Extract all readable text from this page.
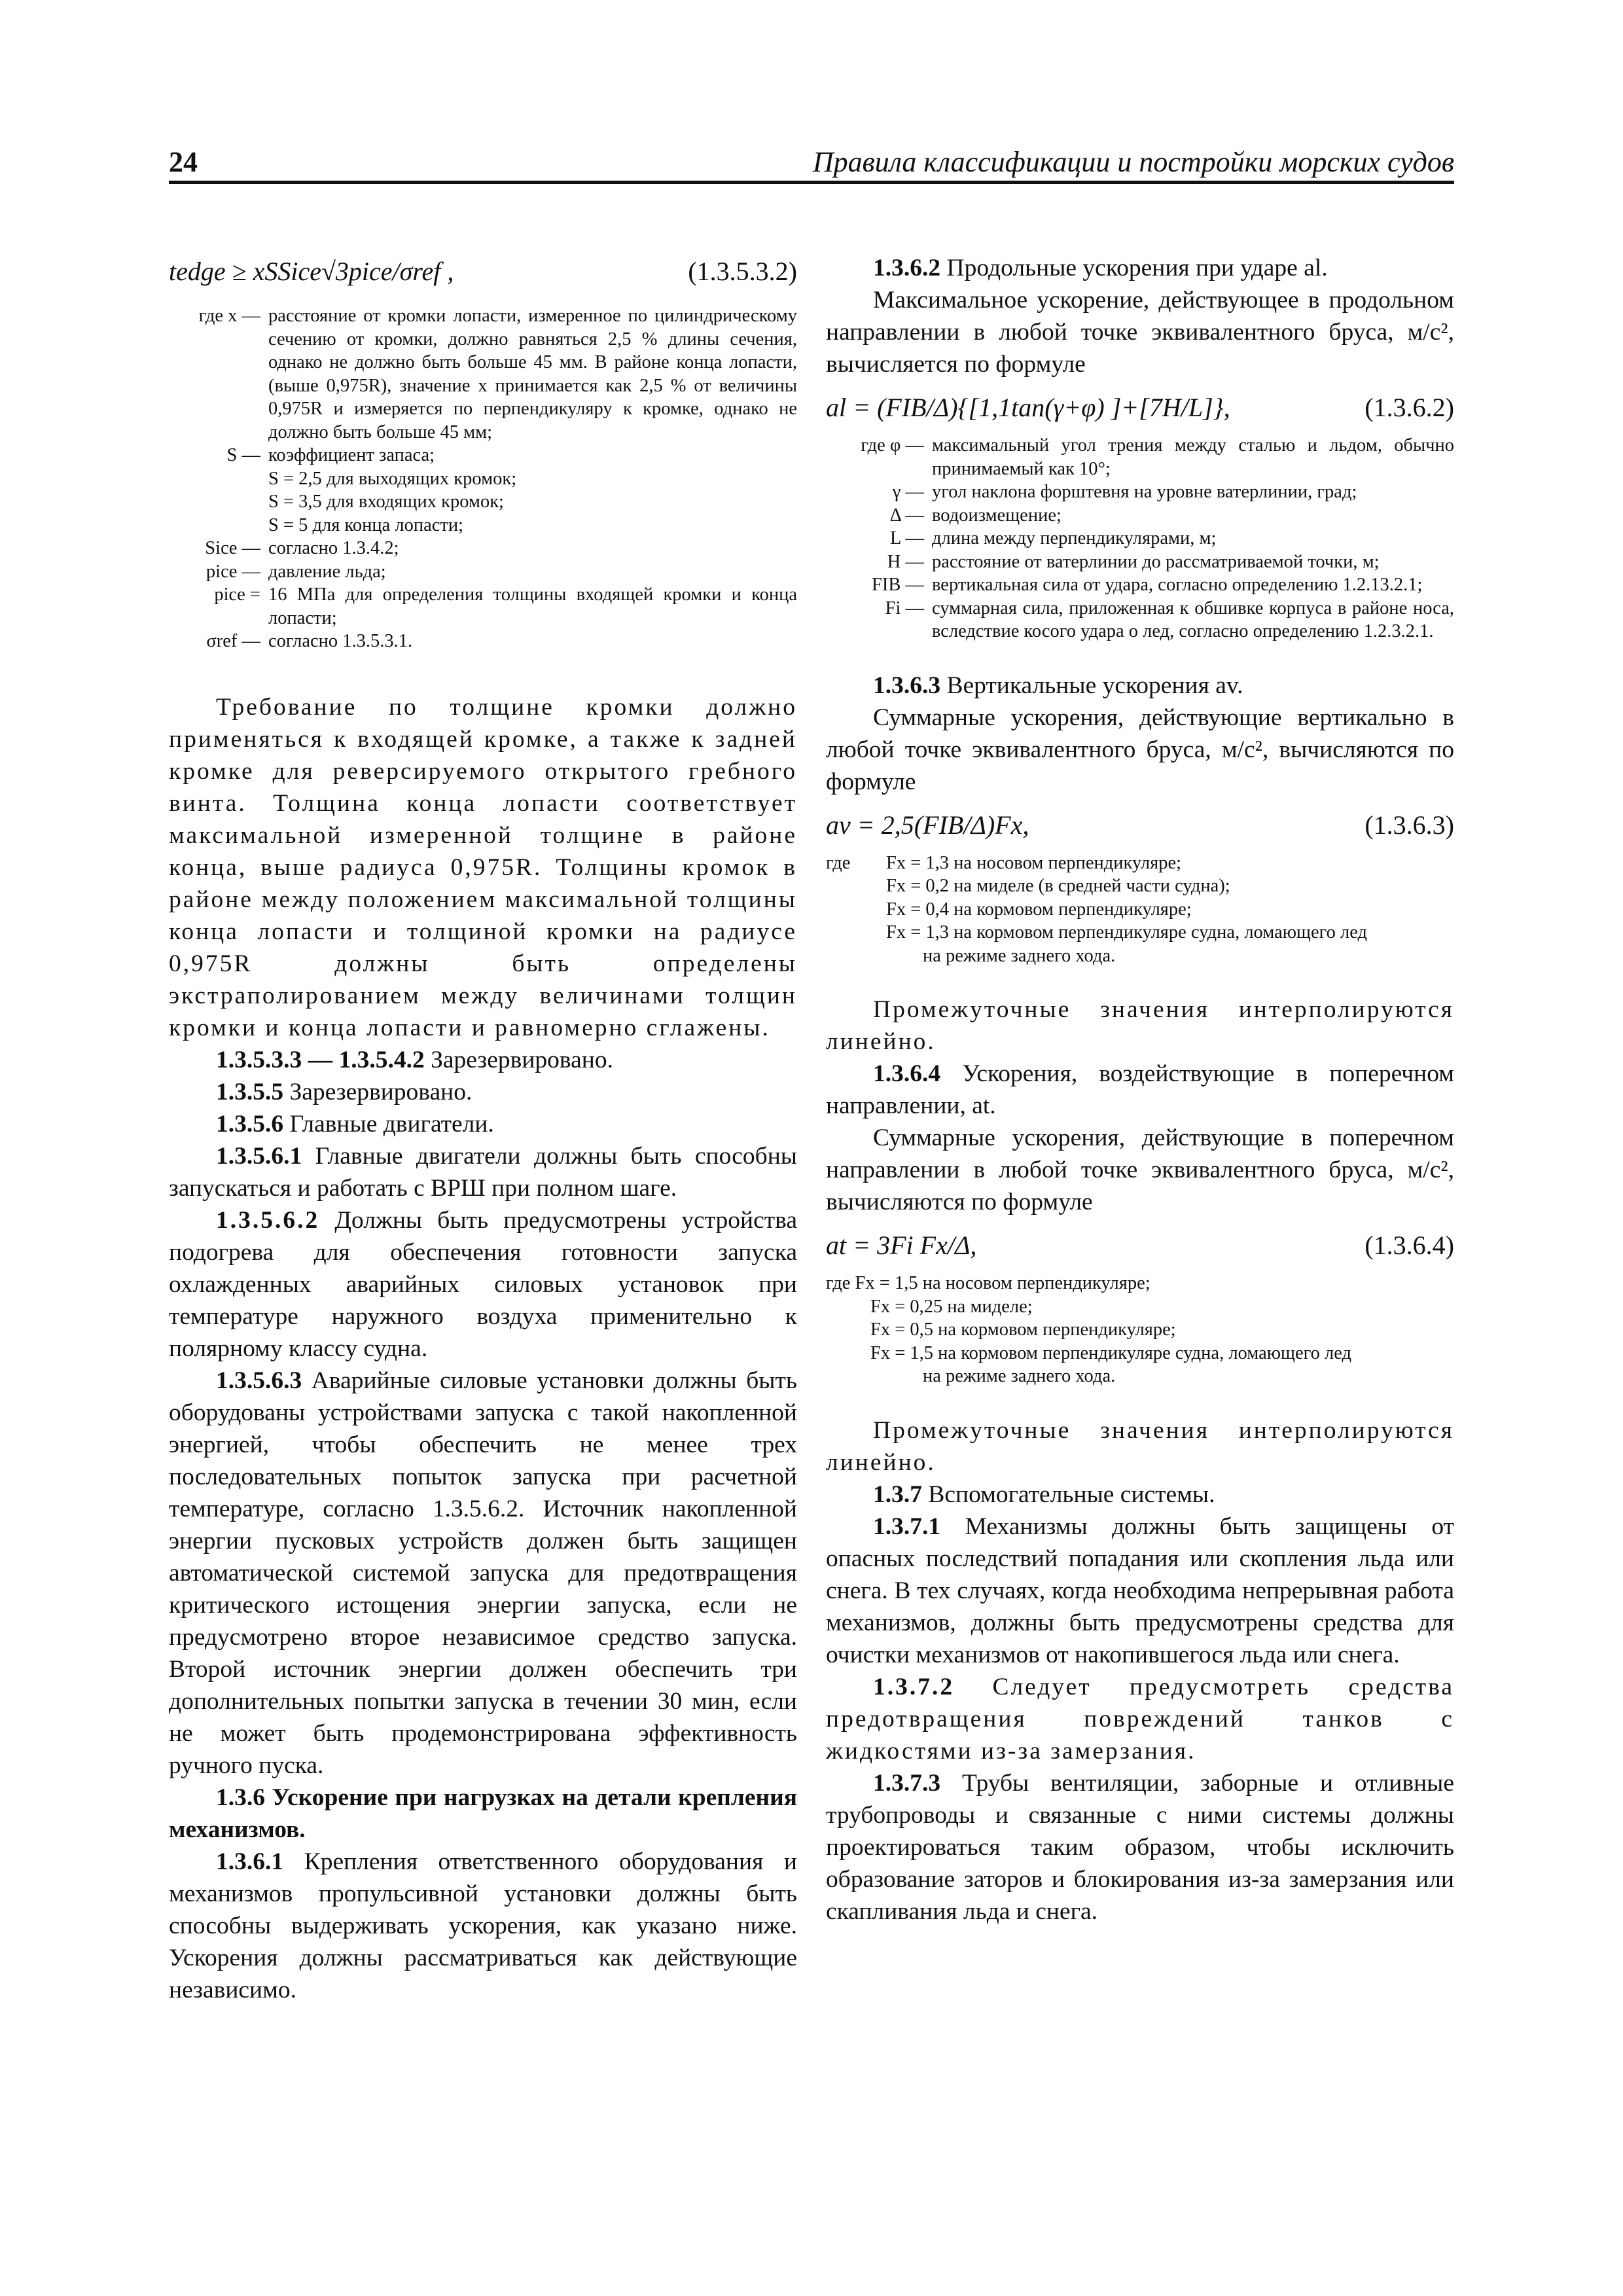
24	Правила классификации и постройки морских судов
tedge ≥ xSSice√3pice/σref ,	(1.3.5.3.2)
где x — расстояние от кромки лопасти, измеренное по цилиндрическому сечению от кромки, должно равняться 2,5 % длины сечения, однако не должно быть больше 45 мм. В районе конца лопасти, (выше 0,975R), значение x принимается как 2,5 % от величины 0,975R и измеряется по перпендикуляру к кромке, однако не должно быть больше 45 мм;
S — коэффициент запаса;
S = 2,5 для выходящих кромок;
S = 3,5 для входящих кромок;
S = 5 для конца лопасти;
Sice — согласно 1.3.4.2;
pice — давление льда;
pice = 16 МПа для определения толщины входящей кромки и конца лопасти;
σref — согласно 1.3.5.3.1.

Требование по толщине кромки должно применяться к входящей кромке, а также к задней кромке для реверсируемого открытого гребного винта. Толщина конца лопасти соответствует максимальной измеренной толщине в районе конца, выше радиуса 0,975R. Толщины кромок в районе между положением максимальной толщины конца лопасти и толщиной кромки на радиусе 0,975R должны быть определены экстраполированием между величинами толщин кромки и конца лопасти и равномерно сглажены.

1.3.5.3.3 — 1.3.5.4.2 Зарезервировано.

1.3.5.5 Зарезервировано.

1.3.5.6 Главные двигатели.

1.3.5.6.1 Главные двигатели должны быть способны запускаться и работать с ВРШ при полном шаге.

1.3.5.6.2 Должны быть предусмотрены устройства подогрева для обеспечения готовности запуска охлажденных аварийных силовых установок при температуре наружного воздуха применительно к полярному классу судна.

1.3.5.6.3 Аварийные силовые установки должны быть оборудованы устройствами запуска с такой накопленной энергией, чтобы обеспечить не менее трех последовательных попыток запуска при расчетной температуре, согласно 1.3.5.6.2. Источник накопленной энергии пусковых устройств должен быть защищен автоматической системой запуска для предотвращения критического истощения энергии запуска, если не предусмотрено второе независимое средство запуска. Второй источник энергии должен обеспечить три дополнительных попытки запуска в течении 30 мин, если не может быть продемонстрирована эффективность ручного пуска.

1.3.6 Ускорение при нагрузках на детали крепления механизмов.

1.3.6.1 Крепления ответственного оборудования и механизмов пропульсивной установки должны быть способны выдерживать ускорения, как указано ниже. Ускорения должны рассматриваться как действующие независимо.

1.3.6.2 Продольные ускорения при ударе al.

Максимальное ускорение, действующее в продольном направлении в любой точке эквивалентного бруса, м/с², вычисляется по формуле

al = (FIB/Δ){[1,1tan(γ+φ) ]+[7H/L]},	(1.3.6.2)
где φ — максимальный угол трения между сталью и льдом, обычно принимаемый как 10°;
γ — угол наклона форштевня на уровне ватерлинии, град;
Δ — водоизмещение;
L — длина между перпендикулярами, м;
H — расстояние от ватерлинии до рассматриваемой точки, м;
FIB — вертикальная сила от удара, согласно определению 1.2.13.2.1;
Fi — суммарная сила, приложенная к обшивке корпуса в районе носа, вследствие косого удара о лед, согласно определению 1.2.3.2.1.

1.3.6.3 Вертикальные ускорения av.

Суммарные ускорения, действующие вертикально в любой точке эквивалентного бруса, м/с², вычисляются по формуле

av = 2,5(FIB/Δ)Fx,	(1.3.6.3)
где	Fx = 1,3 на носовом перпендикуляре;
Fx = 0,2 на миделе (в средней части судна);
Fx = 0,4 на кормовом перпендикуляре;
Fx = 1,3 на кормовом перпендикуляре судна, ломающего лед
на режиме заднего хода.

Промежуточные значения интерполируются линейно.

1.3.6.4 Ускорения, воздействующие в поперечном направлении, at.

Суммарные ускорения, действующие в поперечном направлении в любой точке эквивалентного бруса, м/с², вычисляются по формуле

at = 3Fi Fx/Δ,	(1.3.6.4)
где Fx = 1,5 на носовом перпендикуляре;
Fx = 0,25 на миделе;
Fx = 0,5 на кормовом перпендикуляре;
Fx = 1,5 на кормовом перпендикуляре судна, ломающего лед
на режиме заднего хода.

Промежуточные значения интерполируются линейно.

1.3.7 Вспомогательные системы.

1.3.7.1 Механизмы должны быть защищены от опасных последствий попадания или скопления льда или снега. В тех случаях, когда необходима непрерывная работа механизмов, должны быть предусмотрены средства для очистки механизмов от накопившегося льда или снега.

1.3.7.2 Следует предусмотреть средства предотвращения повреждений танков с жидкостями из-за замерзания.

1.3.7.3 Трубы вентиляции, заборные и отливные трубопроводы и связанные с ними системы должны проектироваться таким образом, чтобы исключить образование заторов и блокирования из-за замерзания или скапливания льда и снега.
